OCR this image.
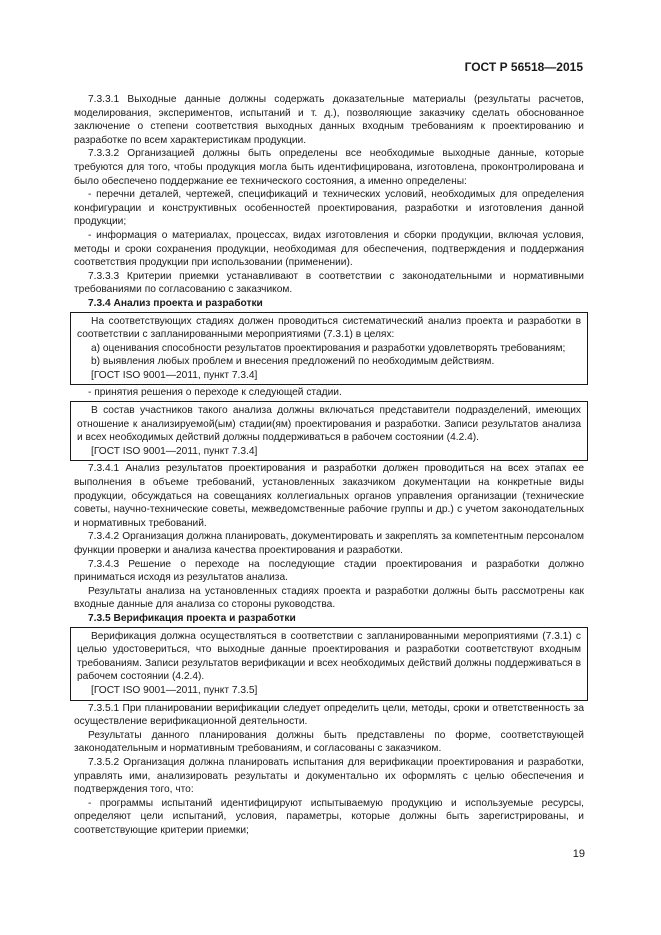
ГОСТ Р 56518—2015

7.3.3.1 Выходные данные должны содержать доказательные материалы (результаты расчетов, моделирования, экспериментов, испытаний и т. д.), позволяющие заказчику сделать обоснованное заключение о степени соответствия выходных данных входным требованиям к проектированию и разработке по всем характеристикам продукции.

7.3.3.2 Организацией должны быть определены все необходимые выходные данные, которые требуются для того, чтобы продукция могла быть идентифицирована, изготовлена, проконтролирована и было обеспечено поддержание ее технического состояния, а именно определены:

- перечни деталей, чертежей, спецификаций и технических условий, необходимых для определения конфигурации и конструктивных особенностей проектирования, разработки и изготовления данной продукции;

- информация о материалах, процессах, видах изготовления и сборки продукции, включая условия, методы и сроки сохранения продукции, необходимая для обеспечения, подтверждения и поддержания соответствия продукции при использовании (применении).

7.3.3.3 Критерии приемки устанавливают в соответствии с законодательными и нормативными требованиями по согласованию с заказчиком.

7.3.4 Анализ проекта и разработки

На соответствующих стадиях должен проводиться систематический анализ проекта и разработки в соответствии с запланированными мероприятиями (7.3.1) в целях:

a) оценивания способности результатов проектирования и разработки удовлетворять требованиям;

b) выявления любых проблем и внесения предложений по необходимым действиям.

[ГОСТ ISO 9001—2011, пункт 7.3.4]

- принятия решения о переходе к следующей стадии.

В состав участников такого анализа должны включаться представители подразделений, имеющих отношение к анализируемой(ым) стадии(ям) проектирования и разработки. Записи результатов анализа и всех необходимых действий должны поддерживаться в рабочем состоянии (4.2.4).

[ГОСТ ISO 9001—2011, пункт 7.3.4]

7.3.4.1 Анализ результатов проектирования и разработки должен проводиться на всех этапах ее выполнения в объеме требований, установленных заказчиком документации на конкретные виды продукции, обсуждаться на совещаниях коллегиальных органов управления организации (технические советы, научно-технические советы, межведомственные рабочие группы и др.) с учетом законодательных и нормативных требований.

7.3.4.2 Организация должна планировать, документировать и закреплять за компетентным персоналом функции проверки и анализа качества проектирования и разработки.

7.3.4.3 Решение о переходе на последующие стадии проектирования и разработки должно приниматься исходя из результатов анализа.

Результаты анализа на установленных стадиях проекта и разработки должны быть рассмотрены как входные данные для анализа со стороны руководства.

7.3.5 Верификация проекта и разработки

Верификация должна осуществляться в соответствии с запланированными мероприятиями (7.3.1) с целью удостовериться, что выходные данные проектирования и разработки соответствуют входным требованиям. Записи результатов верификации и всех необходимых действий должны поддерживаться в рабочем состоянии (4.2.4).

[ГОСТ ISO 9001—2011, пункт 7.3.5]

7.3.5.1 При планировании верификации следует определить цели, методы, сроки и ответственность за осуществление верификационной деятельности.

Результаты данного планирования должны быть представлены по форме, соответствующей законодательным и нормативным требованиям, и согласованы с заказчиком.

7.3.5.2 Организация должна планировать испытания для верификации проектирования и разработки, управлять ими, анализировать результаты и документально их оформлять с целью обеспечения и подтверждения того, что:

- программы испытаний идентифицируют испытываемую продукцию и используемые ресурсы, определяют цели испытаний, условия, параметры, которые должны быть зарегистрированы, и соответствующие критерии приемки;

19
